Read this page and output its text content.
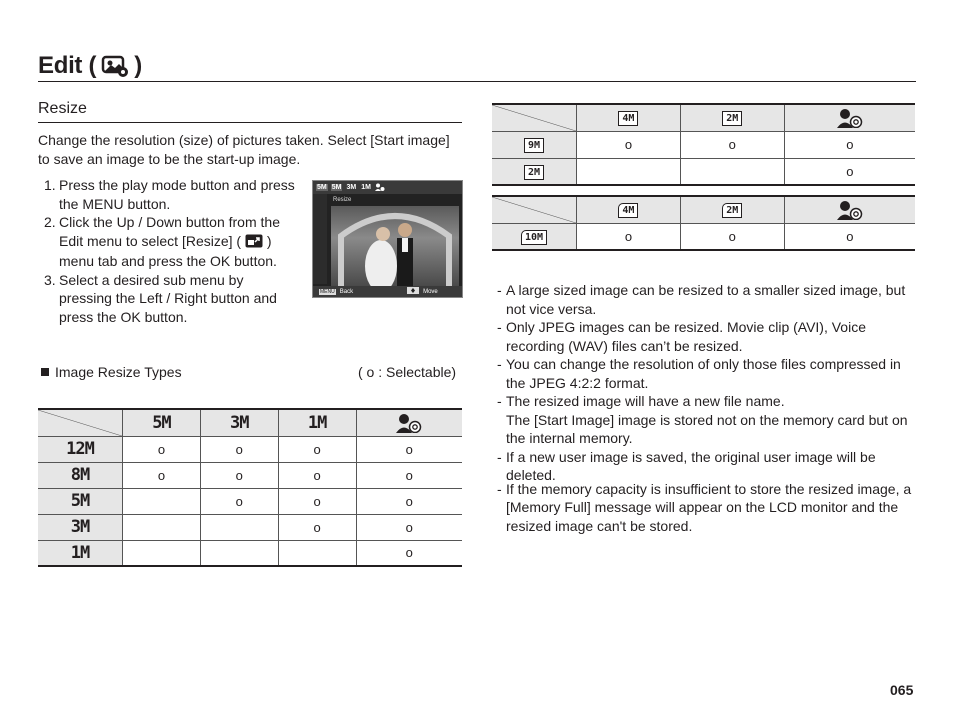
Edit ( )
Resize
Change the resolution (size) of pictures taken. Select [Start image] to save an image to be the start-up image.
1. Press the play mode button and press the MENU button.
2. Click the Up / Down button from the Edit menu to select [Resize] ( ) menu tab and press the OK button.
3. Select a desired sub menu by pressing the Left / Right button and press the OK button.
5M 5M 3M 1M
Resize
MENU Back	Move
Image Resize Types	( o : Selectable)
	5M	3M	1M	
12M	o	o	o	o
8M	o	o	o	o
5M		o	o	o
3M			o	o
1M				o
	4M	2M	
9M	o	o	o
2M			o
	4M	2M	
10M	o	o	o
- A large sized image can be resized to a smaller sized image, but not vice versa.
- Only JPEG images can be resized. Movie clip (AVI), Voice recording (WAV) files can’t be resized.
- You can change the resolution of only those files compressed in the JPEG 4:2:2 format.
- The resized image will have a new file name.
The [Start Image] image is stored not on the memory card but on the internal memory.
- If a new user image is saved, the original user image will be deleted.
- If the memory capacity is insufficient to store the resized image, a [Memory Full] message will appear on the LCD monitor and the resized image can't be stored.
065
